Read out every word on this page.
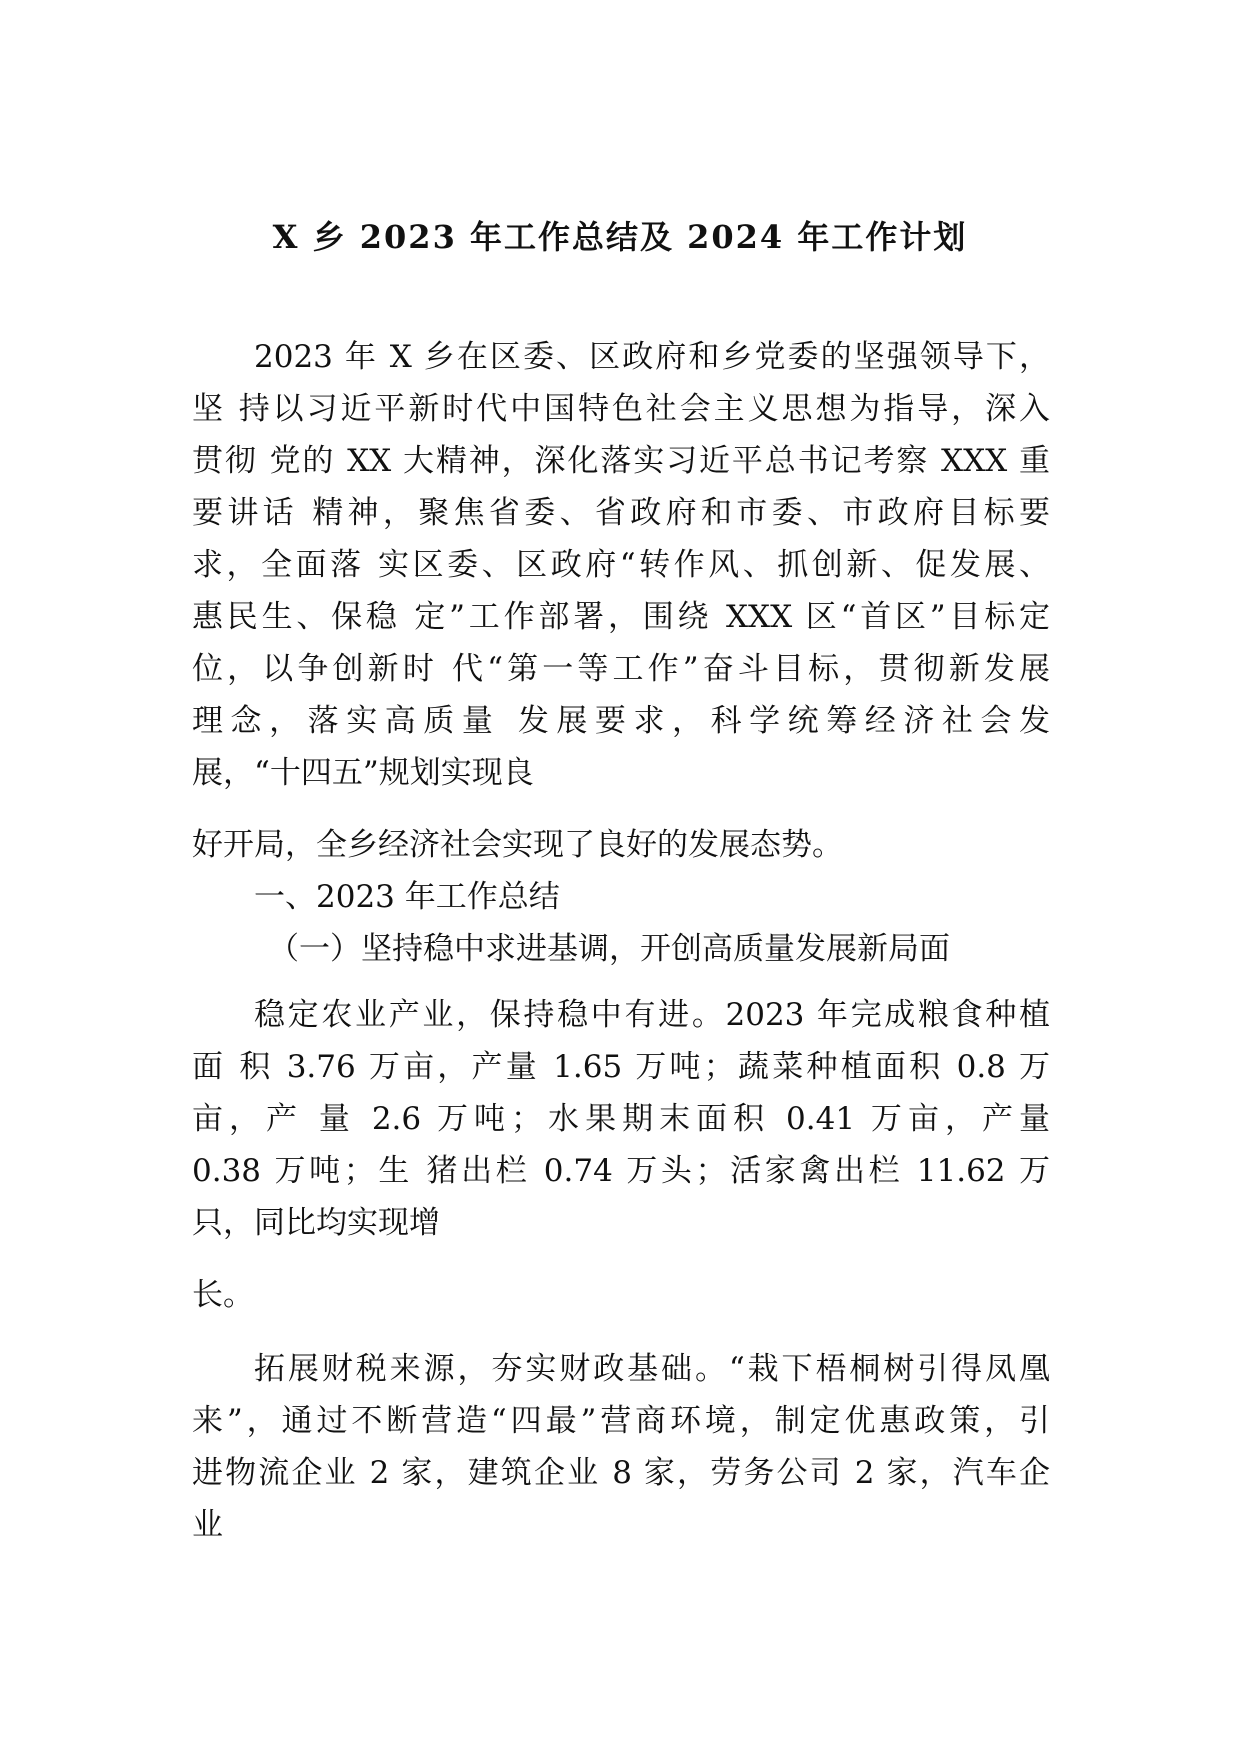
X 乡 2023 年工作总结及 2024 年工作计划
2023 年 X 乡在区委、区政府和乡党委的坚强领导下，
坚 持以习近平新时代中国特色社会主义思想为指导，深入
贯彻 党的 XX 大精神，深化落实习近平总书记考察 XXX 重
要讲话 精神，聚焦省委、省政府和市委、市政府目标要
求，全面落 实区委、区政府“转作风、抓创新、促发展、
惠民生、保稳 定”工作部署，围绕 XXX 区“首区”目标定
位，以争创新时 代“第一等工作”奋斗目标，贯彻新发展
理念，落实高质量 发展要求，科学统筹经济社会发
展，“十四五”规划实现良
好开局，全乡经济社会实现了良好的发展态势。
一、2023 年工作总结
（一）坚持稳中求进基调，开创高质量发展新局面
稳定农业产业，保持稳中有进。2023 年完成粮食种植
面 积 3.76 万亩，产量 1.65 万吨；蔬菜种植面积 0.8 万
亩，产 量 2.6 万吨；水果期末面积 0.41 万亩，产量
0.38 万吨；生 猪出栏 0.74 万头；活家禽出栏 11.62 万
只，同比均实现增
长。
拓展财税来源，夯实财政基础。“栽下梧桐树引得凤凰
来”，通过不断营造“四最”营商环境，制定优惠政策，引
进物流企业 2 家，建筑企业 8 家，劳务公司 2 家，汽车企
业
